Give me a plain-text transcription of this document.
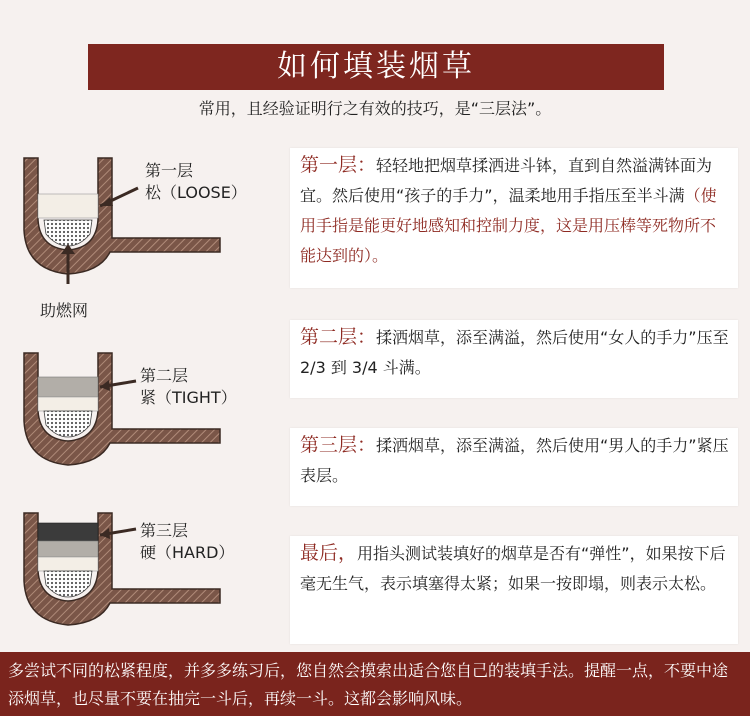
如何填装烟草
常用，且经验证明行之有效的技巧，是“三层法”。
第一层
松（LOOSE）
助燃网
第二层
紧（TIGHT）
第三层
硬（HARD）
第一层：轻轻地把烟草揉洒进斗钵，直到自然溢满钵面为宜。然后使用“孩子的手力”，温柔地用手指压至半斗满（使用手指是能更好地感知和控制力度，这是用压棒等死物所不能达到的）。
第二层：揉洒烟草，添至满溢，然后使用“女人的手力”压至 2/3 到 3/4 斗满。
第三层：揉洒烟草，添至满溢，然后使用“男人的手力”紧压表层。
最后，用指头测试装填好的烟草是否有“弹性”，如果按下后毫无生气，表示填塞得太紧；如果一按即塌，则表示太松。
多尝试不同的松紧程度，并多多练习后，您自然会摸索出适合您自己的装填手法。提醒一点，不要中途添烟草，也尽量不要在抽完一斗后，再续一斗。这都会影响风味。
